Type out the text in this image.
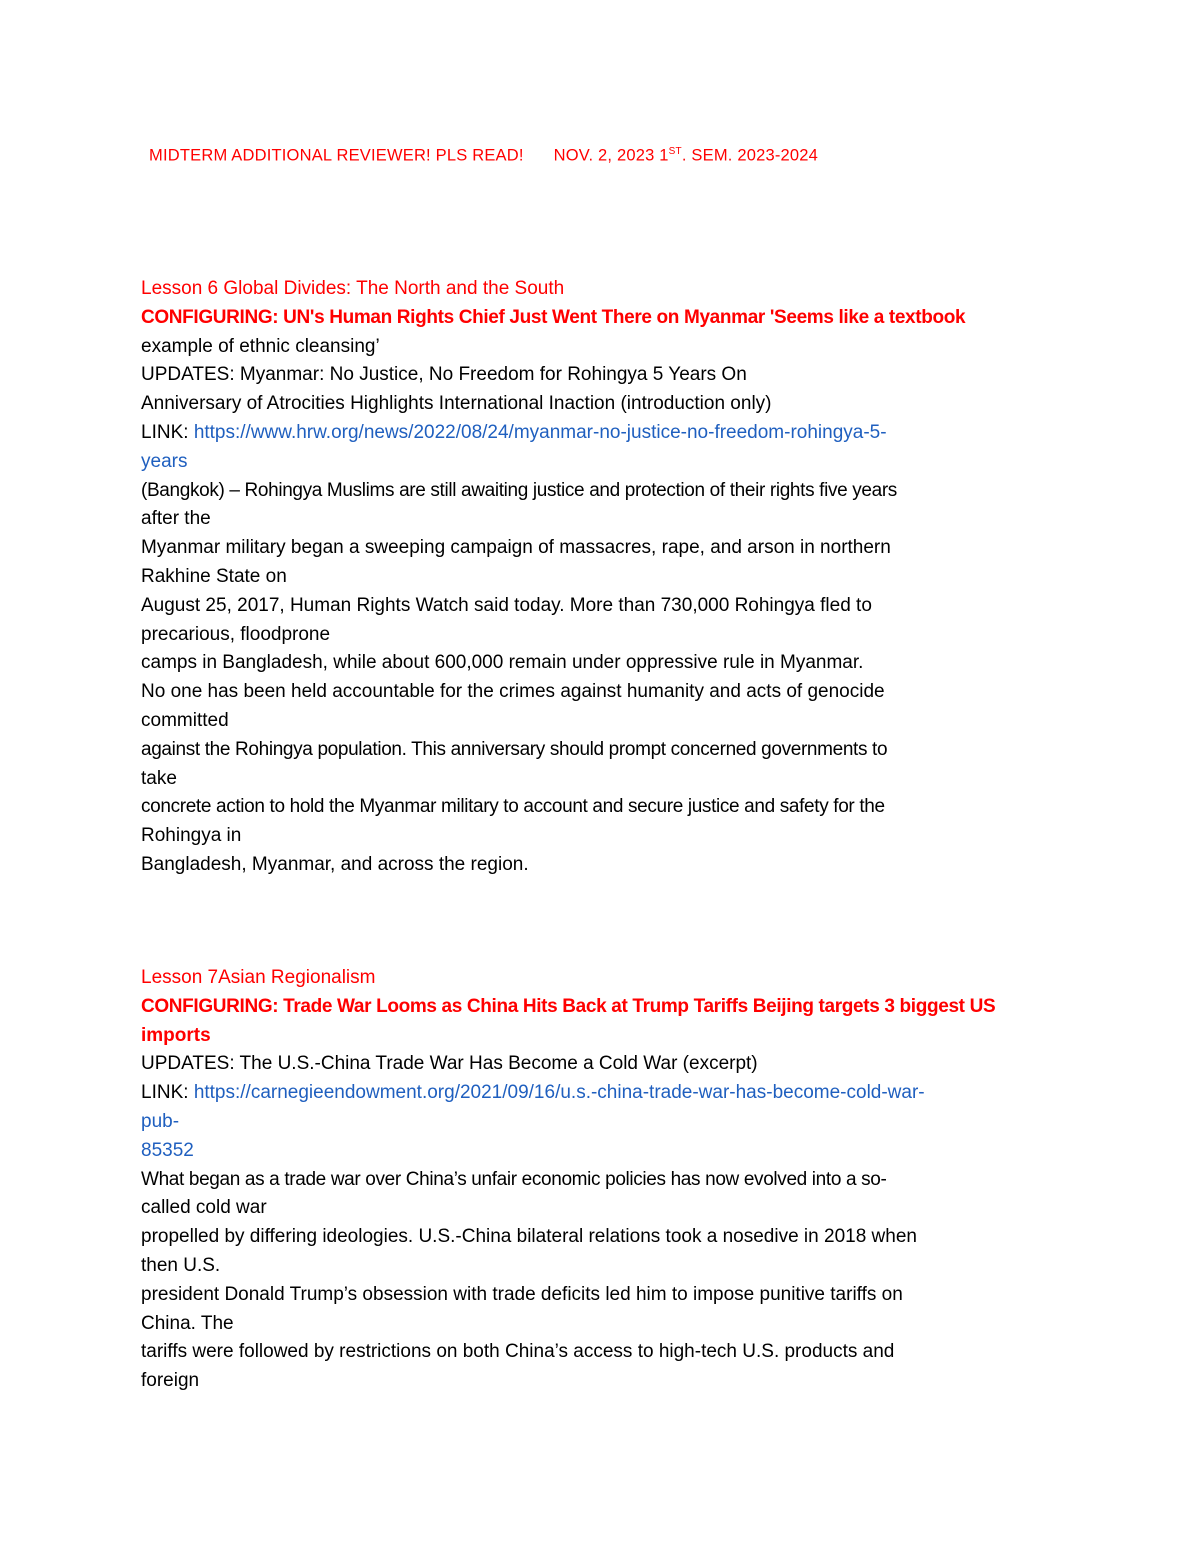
MIDTERM ADDITIONAL REVIEWER! PLS READ! NOV. 2, 2023 1ST. SEM. 2023-2024
Lesson 6 Global Divides: The North and the South
CONFIGURING: UN's Human Rights Chief Just Went There on Myanmar 'Seems like a textbook
example of ethnic cleansing’
UPDATES: Myanmar: No Justice, No Freedom for Rohingya 5 Years On
Anniversary of Atrocities Highlights International Inaction (introduction only)
LINK: https://www.hrw.org/news/2022/08/24/myanmar-no-justice-no-freedom-rohingya-5-
years
(Bangkok) – Rohingya Muslims are still awaiting justice and protection of their rights five years
after the
Myanmar military began a sweeping campaign of massacres, rape, and arson in northern
Rakhine State on
August 25, 2017, Human Rights Watch said today. More than 730,000 Rohingya fled to
precarious, floodprone
camps in Bangladesh, while about 600,000 remain under oppressive rule in Myanmar.
No one has been held accountable for the crimes against humanity and acts of genocide
committed
against the Rohingya population. This anniversary should prompt concerned governments to
take
concrete action to hold the Myanmar military to account and secure justice and safety for the
Rohingya in
Bangladesh, Myanmar, and across the region.
Lesson 7Asian Regionalism
CONFIGURING: Trade War Looms as China Hits Back at Trump Tariffs Beijing targets 3 biggest US
imports
UPDATES: The U.S.-China Trade War Has Become a Cold War (excerpt)
LINK: https://carnegieendowment.org/2021/09/16/u.s.-china-trade-war-has-become-cold-war-
pub-
85352
What began as a trade war over China’s unfair economic policies has now evolved into a so-
called cold war
propelled by differing ideologies. U.S.-China bilateral relations took a nosedive in 2018 when
then U.S.
president Donald Trump’s obsession with trade deficits led him to impose punitive tariffs on
China. The
tariffs were followed by restrictions on both China’s access to high-tech U.S. products and
foreign
